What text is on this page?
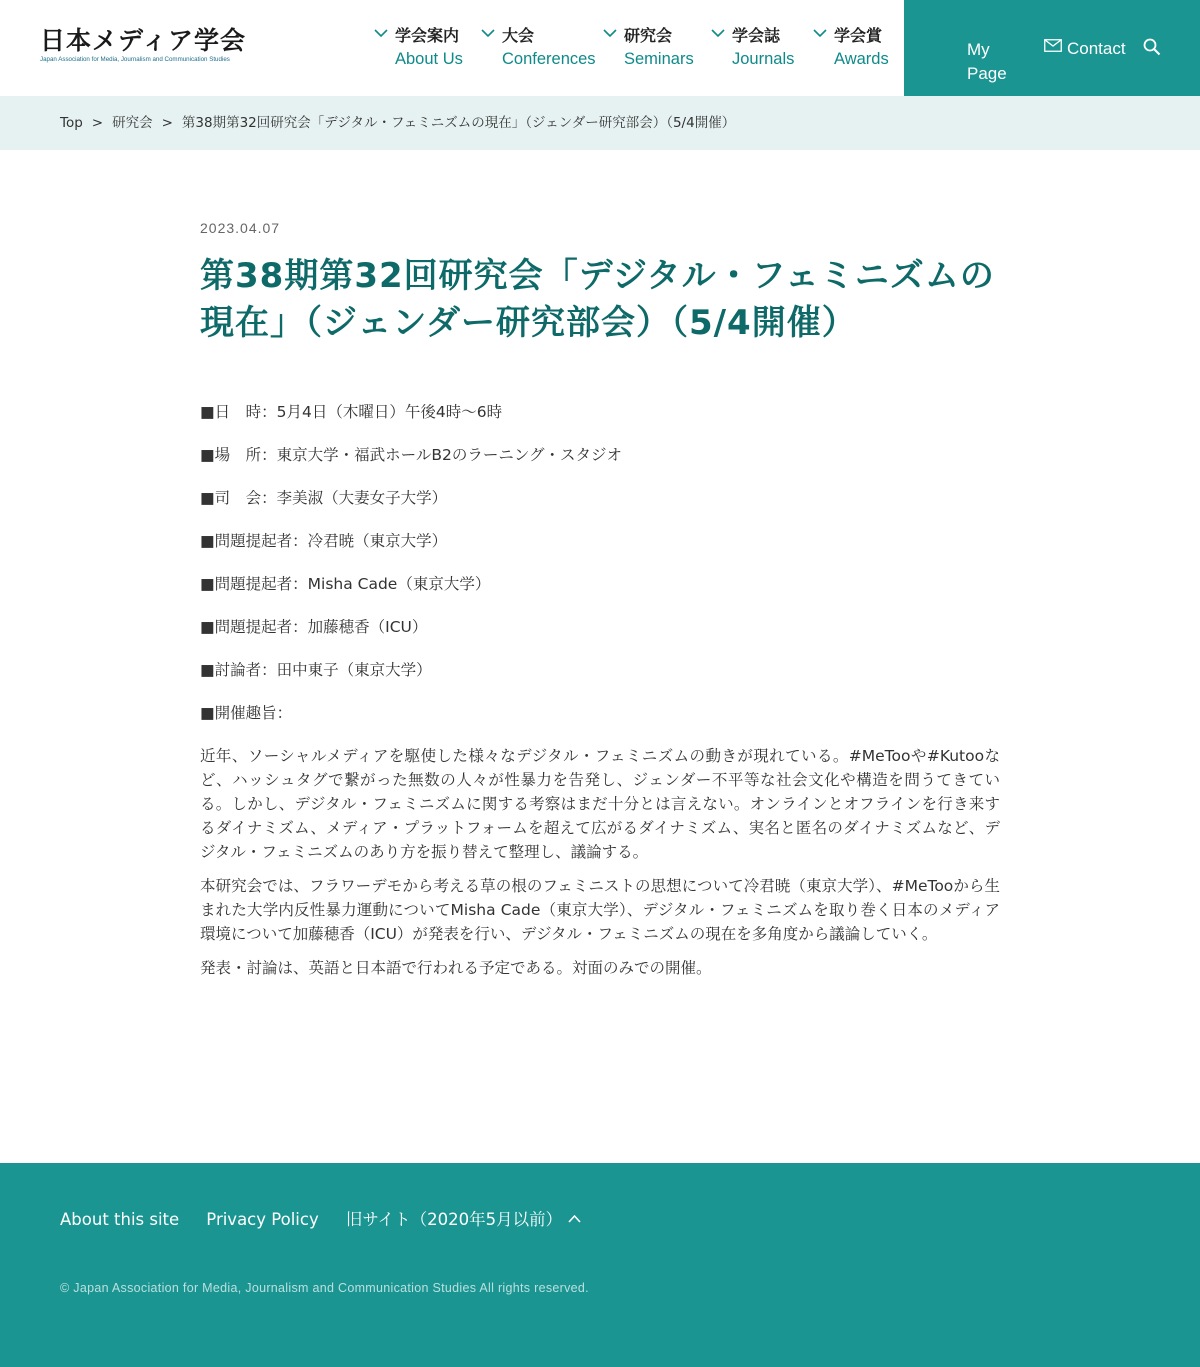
日本メディア学会
Japan Association for Media, Journalism and Communication Studies
学会案内
About Us
大会
Conferences
研究会
Seminars
学会誌
Journals
学会賞
Awards	My Page
Contact
Top > 研究会 > 第38期第32回研究会「デジタル・フェミニズムの現在」（ジェンダー研究部会）（5/4開催）
2023.04.07
第38期第32回研究会「デジタル・フェミニズムの現在」（ジェンダー研究部会）（5/4開催）

■日　時：5月4日（木曜日）午後4時～6時

■場　所：東京大学・福武ホールB2のラーニング・スタジオ

■司　会：李美淑（大妻女子大学）

■問題提起者：冷君暁（東京大学）

■問題提起者：Misha Cade（東京大学）

■問題提起者：加藤穂香（ICU）

■討論者：田中東子（東京大学）

■開催趣旨：

近年、ソーシャルメディアを駆使した様々なデジタル・フェミニズムの動きが現れている。#MeTooや#Kutooなど、ハッシュタグで繋がった無数の人々が性暴力を告発し、ジェンダー不平等な社会文化や構造を問うてきている。しかし、デジタル・フェミニズムに関する考察はまだ十分とは言えない。オンラインとオフラインを行き来するダイナミズム、メディア・プラットフォームを超えて広がるダイナミズム、実名と匿名のダイナミズムなど、デジタル・フェミニズムのあり方を振り替えて整理し、議論する。

本研究会では、フラワーデモから考える草の根のフェミニストの思想について冷君暁（東京大学）、#MeTooから生まれた大学内反性暴力運動についてMisha Cade（東京大学）、デジタル・フェミニズムを取り巻く日本のメディア環境について加藤穂香（ICU）が発表を行い、デジタル・フェミニズムの現在を多角度から議論していく。

発表・討論は、英語と日本語で行われる予定である。対面のみでの開催。

About this site Privacy Policy 旧サイト（2020年5月以前）
© Japan Association for Media, Journalism and Communication Studies All rights reserved.
